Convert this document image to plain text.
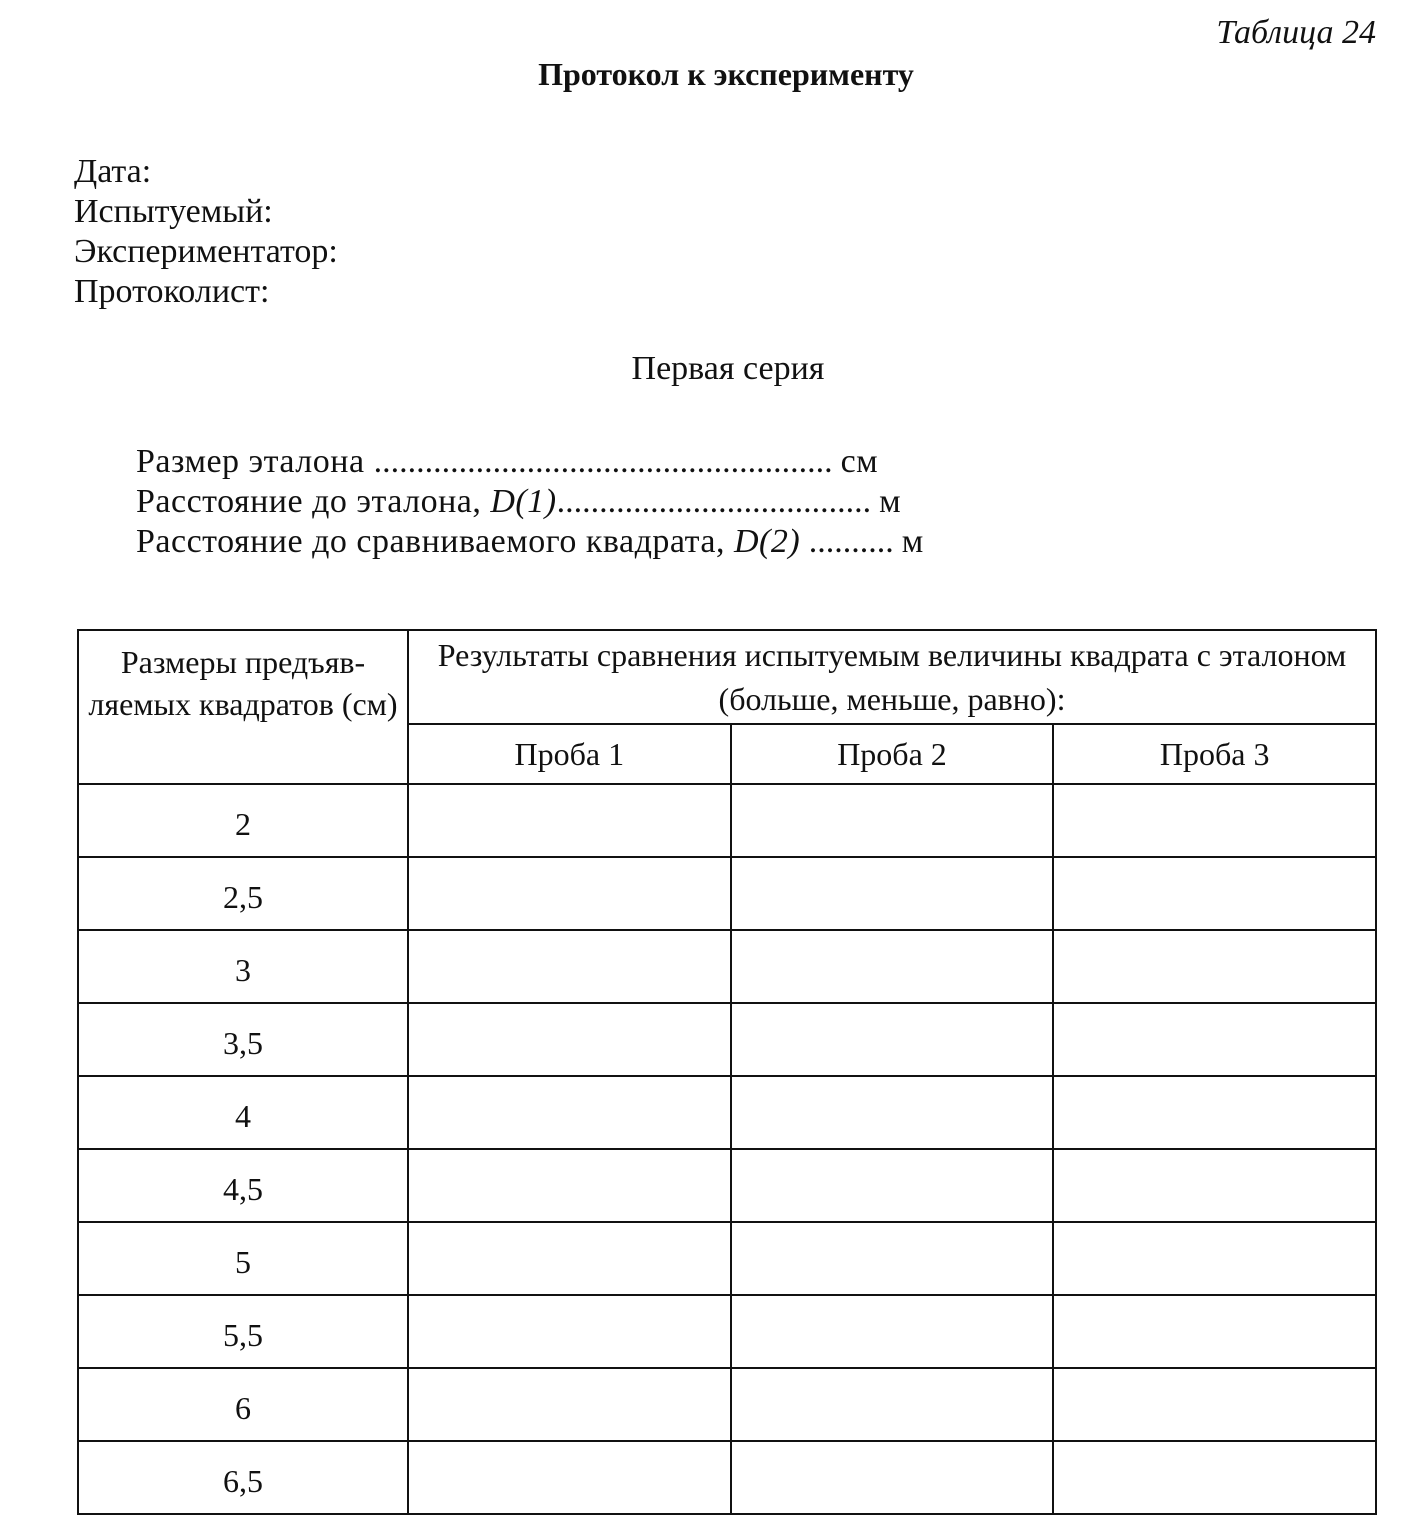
Таблица 24
Протокол к эксперименту
Дата:
Испытуемый:
Экспериментатор:
Протоколист:
Первая серия
Размер эталона ...................................................... см
Расстояние до эталона, D(1).....................................м
Расстояние до сравниваемого квадрата, D(2) ..........м
Размеры предъяв-ляемых квадратов (см)	Результаты сравнения испытуемым величины квадрата с эталоном (больше, меньше, равно):		
	Проба 1	Проба 2	Проба 3
2			
2,5			
3			
3,5			
4			
4,5			
5			
5,5			
6			
6,5			
